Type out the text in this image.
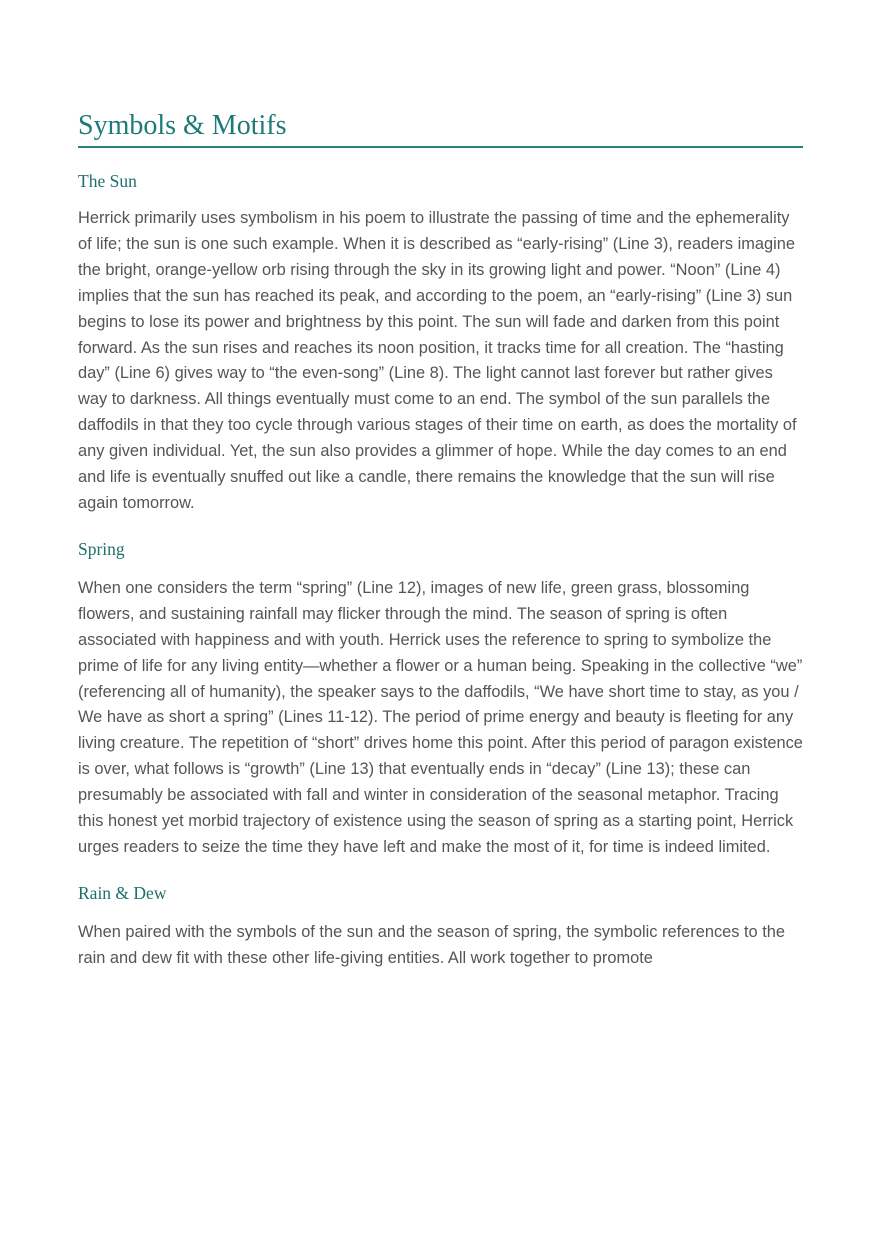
Symbols & Motifs
The Sun

Herrick primarily uses symbolism in his poem to illustrate the passing of time and the ephemerality of life; the sun is one such example. When it is described as “early-rising” (Line 3), readers imagine the bright, orange-yellow orb rising through the sky in its growing light and power. “Noon” (Line 4) implies that the sun has reached its peak, and according to the poem, an “early-rising” (Line 3) sun begins to lose its power and brightness by this point. The sun will fade and darken from this point forward. As the sun rises and reaches its noon position, it tracks time for all creation. The “hasting day” (Line 6) gives way to “the even-song” (Line 8). The light cannot last forever but rather gives way to darkness. All things eventually must come to an end. The symbol of the sun parallels the daffodils in that they too cycle through various stages of their time on earth, as does the mortality of any given individual. Yet, the sun also provides a glimmer of hope. While the day comes to an end and life is eventually snuffed out like a candle, there remains the knowledge that the sun will rise again tomorrow.

Spring

When one considers the term “spring” (Line 12), images of new life, green grass, blossoming flowers, and sustaining rainfall may flicker through the mind. The season of spring is often associated with happiness and with youth. Herrick uses the reference to spring to symbolize the prime of life for any living entity—whether a flower or a human being. Speaking in the collective “we” (referencing all of humanity), the speaker says to the daffodils, “We have short time to stay, as you / We have as short a spring” (Lines 11-12). The period of prime energy and beauty is fleeting for any living creature. The repetition of “short” drives home this point. After this period of paragon existence is over, what follows is “growth” (Line 13) that eventually ends in “decay” (Line 13); these can presumably be associated with fall and winter in consideration of the seasonal metaphor. Tracing this honest yet morbid trajectory of existence using the season of spring as a starting point, Herrick urges readers to seize the time they have left and make the most of it, for time is indeed limited.

Rain & Dew

When paired with the symbols of the sun and the season of spring, the symbolic references to the rain and dew fit with these other life-giving entities. All work together to promote
